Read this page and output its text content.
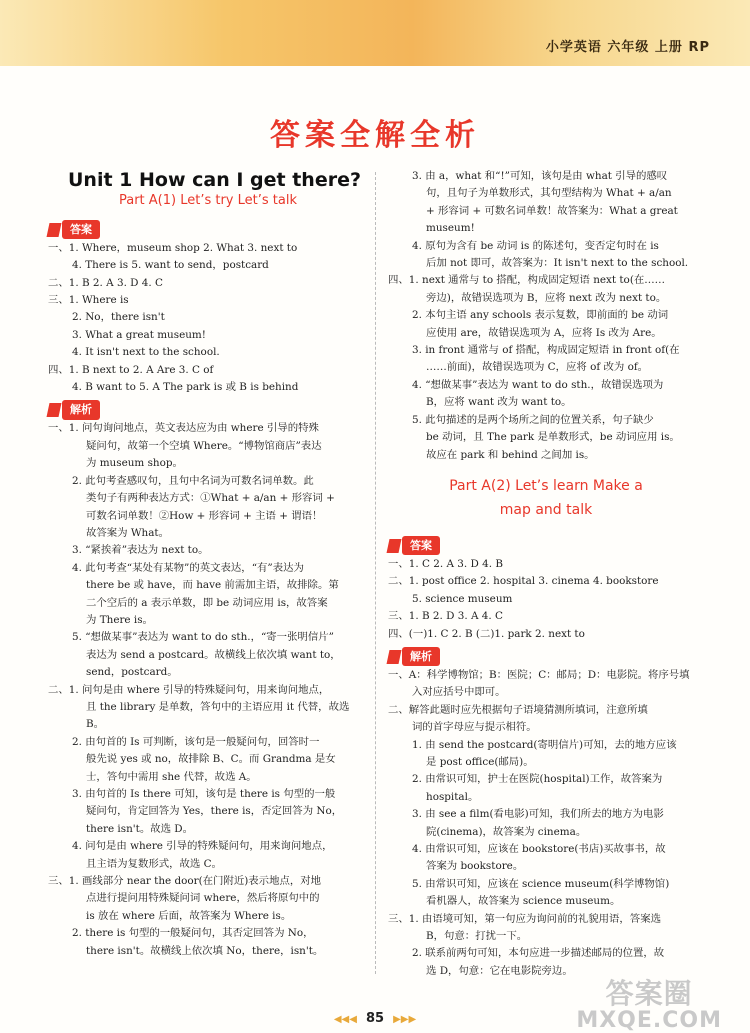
小学英语 六年级 上册 RP
答案全解全析
Unit 1 How can I get there?
Part A(1) Let’s try Let’s talk
答案
一、1. Where，museum shop 2. What 3. next to
4. There is 5. want to send，postcard
二、1. B 2. A 3. D 4. C
三、1. Where is
2. No，there isn't
3. What a great museum!
4. It isn't next to the school.
四、1. B next to 2. A Are 3. C of
4. B want to 5. A The park is 或 B is behind
解析
一、1. 问句询问地点，英文表达应为由 where 引导的特殊
疑问句，故第一个空填 Where。“博物馆商店”表达
为 museum shop。
2. 此句考查感叹句，且句中名词为可数名词单数。此
类句子有两种表达方式：①What + a/an + 形容词 +
可数名词单数！②How + 形容词 + 主语 + 谓语！
故答案为 What。
3. “紧挨着”表达为 next to。
4. 此句考查“某处有某物”的英文表达，“有”表达为
there be 或 have，而 have 前需加主语，故排除。第
二个空后的 a 表示单数，即 be 动词应用 is，故答案
为 There is。
5. “想做某事”表达为 want to do sth.，“寄一张明信片”
表达为 send a postcard。故横线上依次填 want to，
send，postcard。
二、1. 问句是由 where 引导的特殊疑问句，用来询问地点，
且 the library 是单数，答句中的主语应用 it 代替，故选
B。
2. 由句首的 Is 可判断，该句是一般疑问句，回答时一
般先说 yes 或 no，故排除 B、C。而 Grandma 是女
士，答句中需用 she 代替，故选 A。
3. 由句首的 Is there 可知，该句是 there is 句型的一般
疑问句，肯定回答为 Yes，there is，否定回答为 No，
there isn't。故选 D。
4. 问句是由 where 引导的特殊疑问句，用来询问地点，
且主语为复数形式，故选 C。
三、1. 画线部分 near the door(在门附近)表示地点，对地
点进行提问用特殊疑问词 where，然后将原句中的
is 放在 where 后面，故答案为 Where is。
2. there is 句型的一般疑问句，其否定回答为 No，
there isn't。故横线上依次填 No，there，isn't。
3. 由 a，what 和“!”可知，该句是由 what 引导的感叹
句，且句子为单数形式，其句型结构为 What + a/an
+ 形容词 + 可数名词单数！故答案为：What a great
museum!
4. 原句为含有 be 动词 is 的陈述句，变否定句时在 is
后加 not 即可，故答案为：It isn't next to the school.
四、1. next 通常与 to 搭配，构成固定短语 next to(在……
旁边)，故错误选项为 B，应将 next 改为 next to。
2. 本句主语 any schools 表示复数，即前面的 be 动词
应使用 are，故错误选项为 A，应将 Is 改为 Are。
3. in front 通常与 of 搭配，构成固定短语 in front of(在
……前面)，故错误选项为 C，应将 of 改为 of。
4. “想做某事”表达为 want to do sth.，故错误选项为
B，应将 want 改为 want to。
5. 此句描述的是两个场所之间的位置关系，句子缺少
be 动词，且 The park 是单数形式，be 动词应用 is。
故应在 park 和 behind 之间加 is。
Part A(2) Let’s learn Make a
map and talk
答案
一、1. C 2. A 3. D 4. B
二、1. post office 2. hospital 3. cinema 4. bookstore
5. science museum
三、1. B 2. D 3. A 4. C
四、(一)1. C 2. B (二)1. park 2. next to
解析
一、A：科学博物馆；B：医院；C：邮局；D：电影院。将序号填
入对应括号中即可。
二、解答此题时应先根据句子语境猜测所填词，注意所填
词的首字母应与提示相符。
1. 由 send the postcard(寄明信片)可知，去的地方应该
是 post office(邮局)。
2. 由常识可知，护士在医院(hospital)工作，故答案为
hospital。
3. 由 see a film(看电影)可知，我们所去的地方为电影
院(cinema)，故答案为 cinema。
4. 由常识可知，应该在 bookstore(书店)买故事书，故
答案为 bookstore。
5. 由常识可知，应该在 science museum(科学博物馆)
看机器人，故答案为 science museum。
三、1. 由语境可知，第一句应为询问前的礼貌用语，答案选
B，句意：打扰一下。
2. 联系前两句可知，本句应进一步描述邮局的位置，故
选 D，句意：它在电影院旁边。
◀◀◀ 85 ▶▶▶
答案圈
MXQE.COM
